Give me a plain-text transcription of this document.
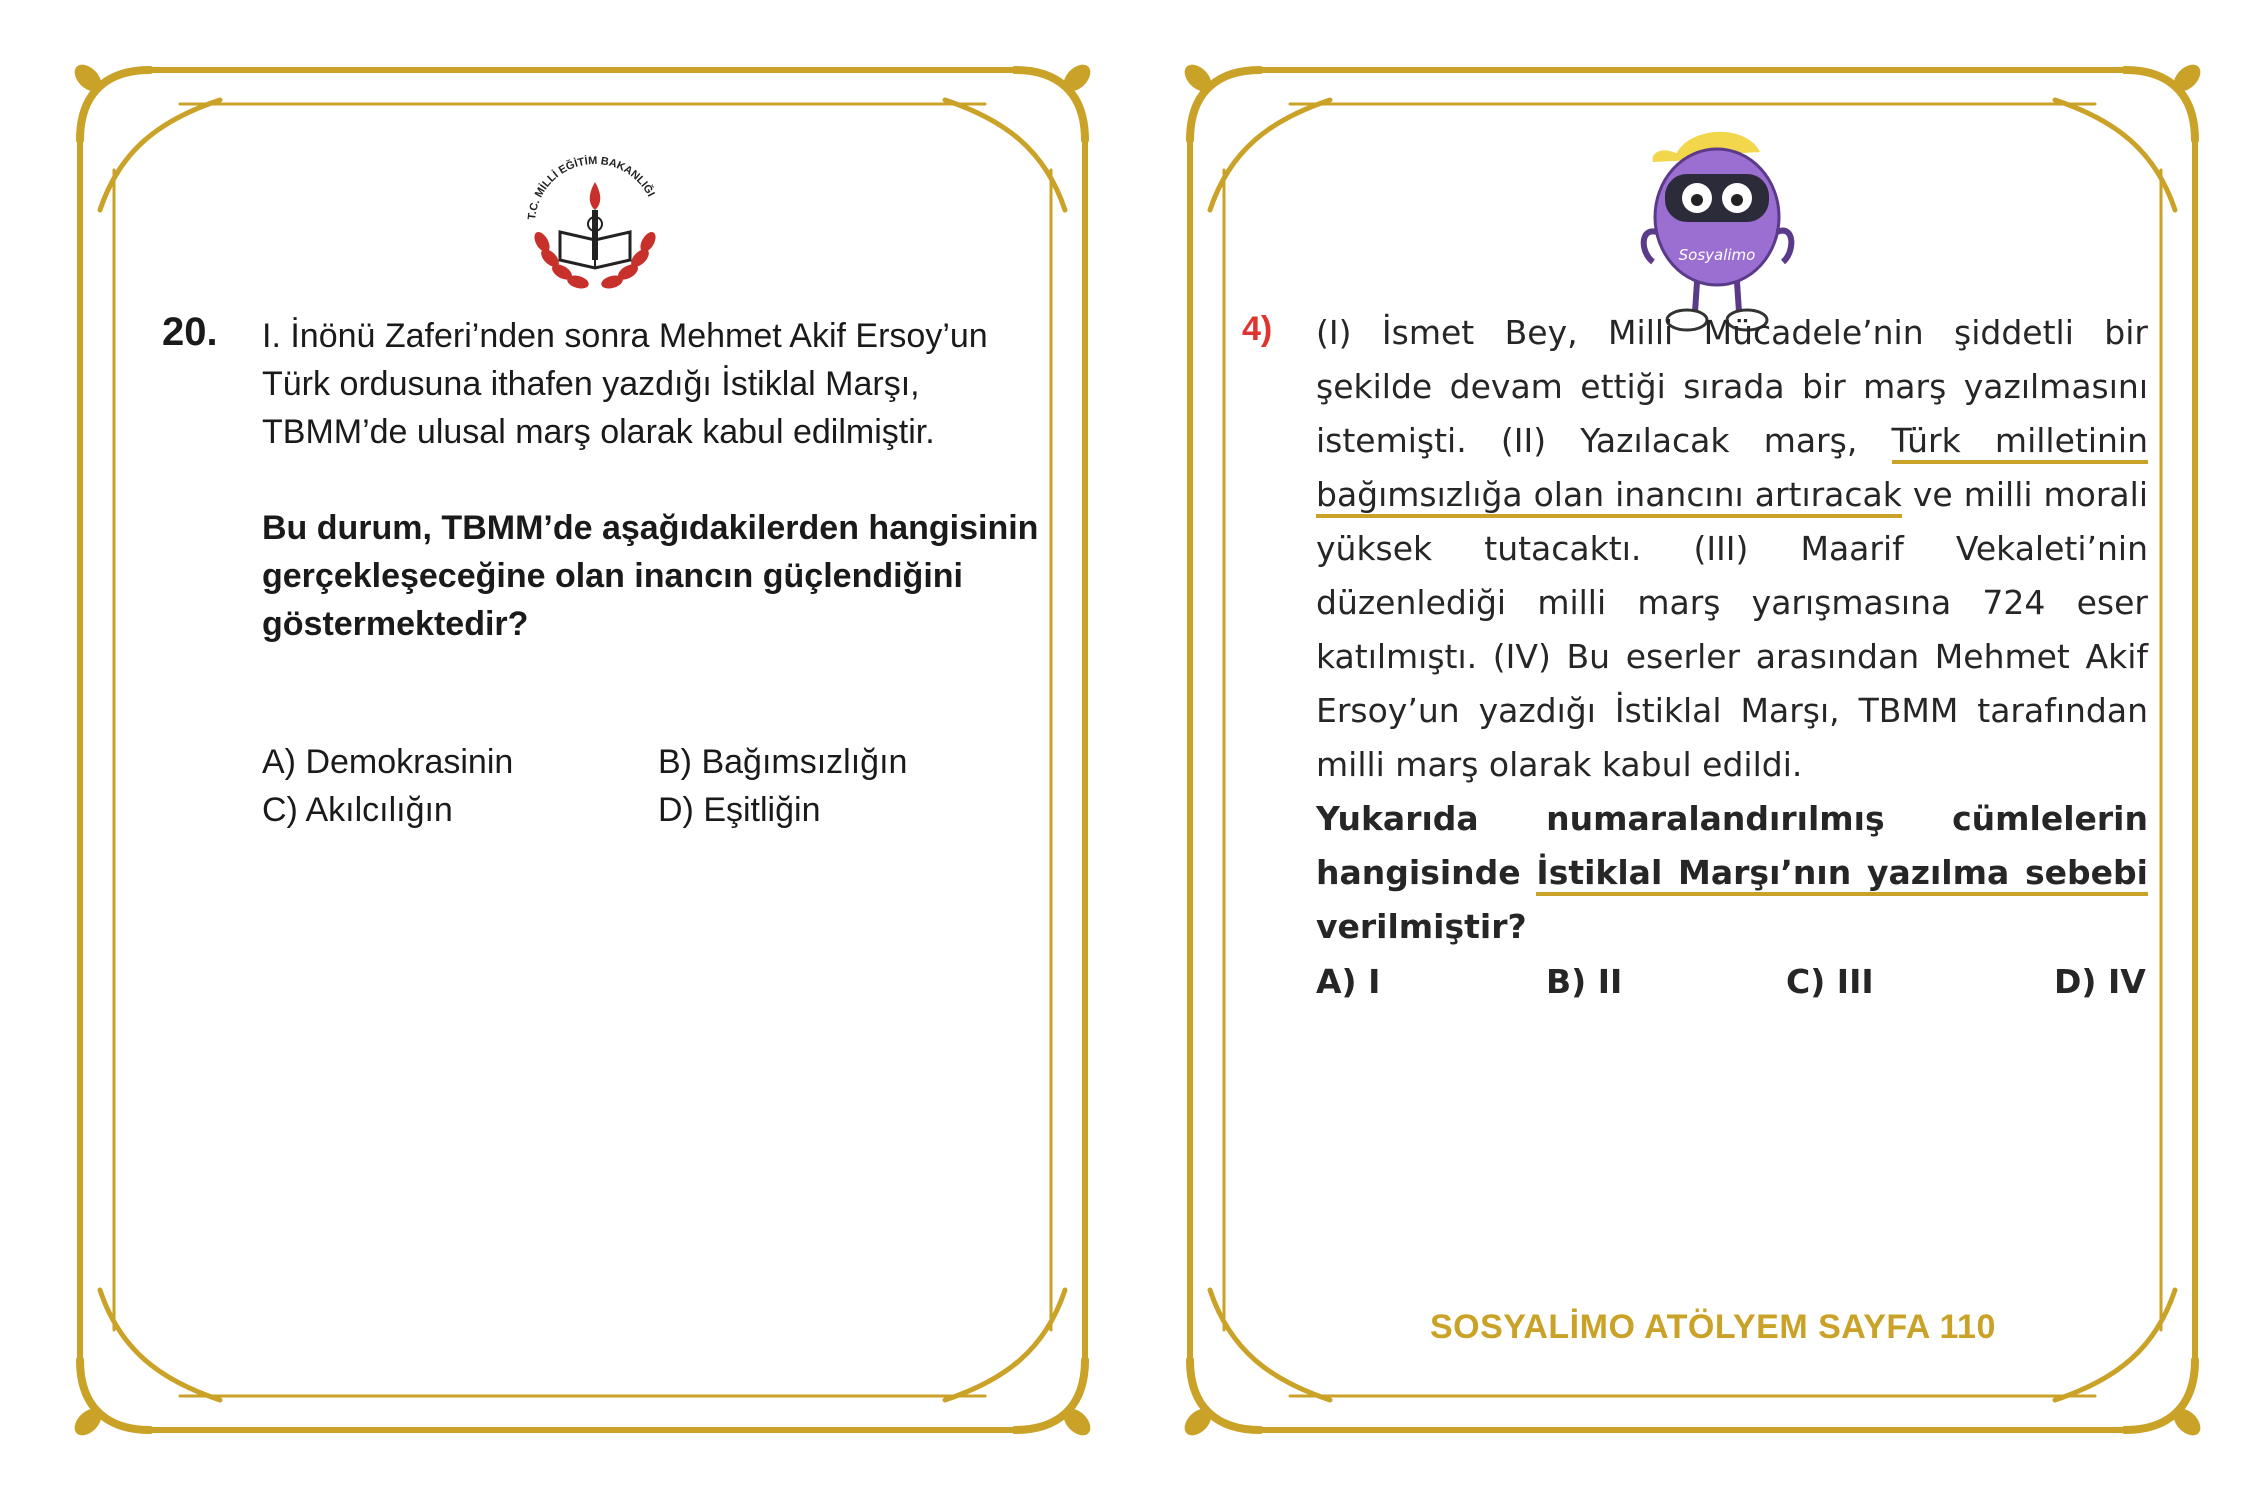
T.C. MİLLİ EĞİTİM BAKANLIĞI
20. I. İnönü Zaferi’nden sonra Mehmet Akif Ersoy’un Türk ordusuna ithafen yazdığı İstiklal Marşı, TBMM’de ulusal marş olarak kabul edilmiştir.

Bu durum, TBMM’de aşağıdakilerden hangisinin gerçekleşeceğine olan inancın güçlendiğini göstermektedir?

A) Demokrasinin	B) Bağımsızlığın
C) Akılcılığın	D) Eşitliğin
Sosyalimo
4) (I) İsmet Bey, Milli Mücadele’nin şiddetli bir şekilde devam ettiği sırada bir marş yazılmasını istemişti. (II) Yazılacak marş, Türk milletinin bağımsızlığa olan inancını artıracak ve milli morali yüksek tutacaktı. (III) Maarif Vekaleti’nin düzenlediği milli marş yarışmasına 724 eser katılmıştı. (IV) Bu eserler arasından Mehmet Akif Ersoy’un yazdığı İstiklal Marşı, TBMM tarafından milli marş olarak kabul edildi.

Yukarıda numaralandırılmış cümlelerin hangisinde İstiklal Marşı’nın yazılma sebebi verilmiştir?

A) I	B) II	C) III	D) IV
SOSYALİMO ATÖLYEM SAYFA 110
